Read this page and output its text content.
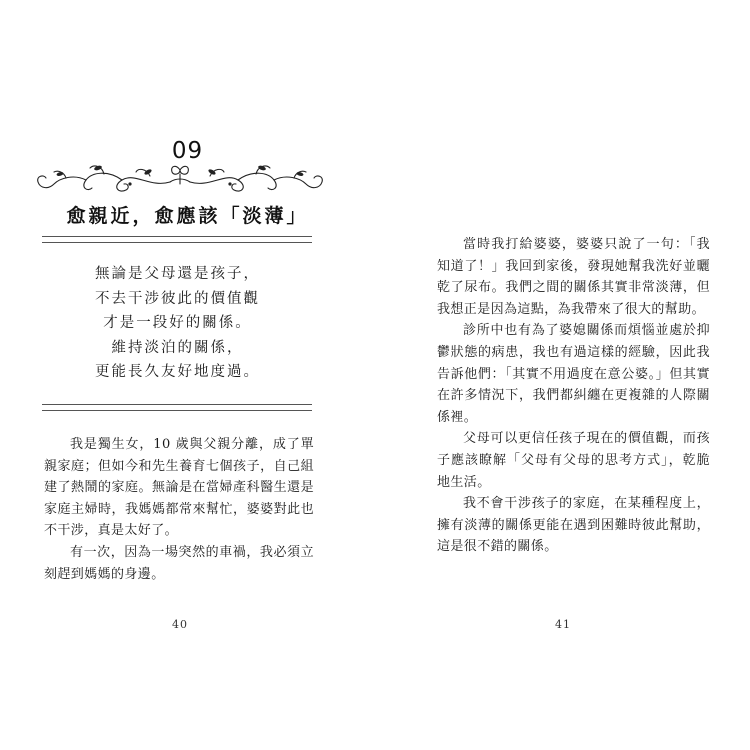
09
愈親近，愈應該「淡薄」
無論是父母還是孩子，
不去干涉彼此的價值觀
才是一段好的關係。
維持淡泊的關係，
更能長久友好地度過。

我是獨生女，10 歲與父親分離，成了單親家庭；但如今和先生養育七個孩子，自己組建了熱鬧的家庭。無論是在當婦產科醫生還是家庭主婦時，我媽媽都常來幫忙，婆婆對此也不干涉，真是太好了。

有一次，因為一場突然的車禍，我必須立刻趕到媽媽的身邊。

40

當時我打給婆婆，婆婆只說了一句：「我知道了！」我回到家後，發現她幫我洗好並曬乾了尿布。我們之間的關係其實非常淡薄，但我想正是因為這點，為我帶來了很大的幫助。

診所中也有為了婆媳關係而煩惱並處於抑鬱狀態的病患，我也有過這樣的經驗，因此我告訴他們：「其實不用過度在意公婆。」但其實在許多情況下，我們都糾纏在更複雜的人際關係裡。

父母可以更信任孩子現在的價值觀，而孩子應該瞭解「父母有父母的思考方式」，乾脆地生活。

我不會干涉孩子的家庭，在某種程度上，擁有淡薄的關係更能在遇到困難時彼此幫助，這是很不錯的關係。

41
